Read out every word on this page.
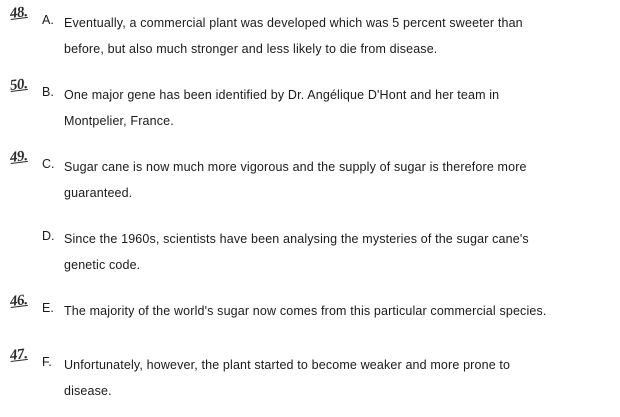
48.	A. Eventually, a commercial plant was developed which was 5 percent sweeter than
before, but also much stronger and less likely to die from disease.
50.	B. One major gene has been identified by Dr. Angélique D'Hont and her team in
Montpelier, France.
49.	C. Sugar cane is now much more vigorous and the supply of sugar is therefore more
guaranteed.
D. Since the 1960s, scientists have been analysing the mysteries of the sugar cane's
genetic code.
46.	E. The majority of the world's sugar now comes from this particular commercial species.
47.	F. Unfortunately, however, the plant started to become weaker and more prone to
disease.
